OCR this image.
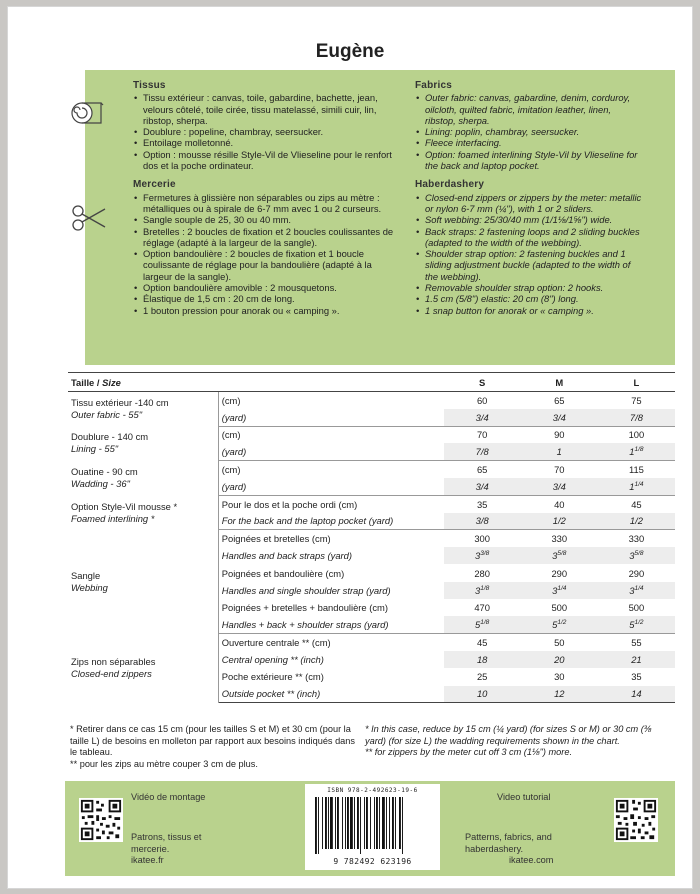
Eugène
Tissus
• Tissu extérieur : canvas, toile, gabardine, bachette, jean, velours côtelé, toile cirée, tissu matelassé, simili cuir, lin, ribstop, sherpa.
• Doublure : popeline, chambray, seersucker.
• Entoilage molletonné.
• Option : mousse résille Style-Vil de Vlieseline pour le renfort dos et la poche ordinateur.
Mercerie
• Fermetures à glissière non séparables ou zips au mètre : métalliques ou à spirale de 6-7 mm avec 1 ou 2 curseurs.
• Sangle souple de 25, 30 ou 40 mm.
• Bretelles : 2 boucles de fixation et 2 boucles coulissantes de réglage (adapté à la largeur de la sangle).
• Option bandoulière : 2 boucles de fixation et 1 boucle coulissante de réglage pour la bandoulière (adapté à la largeur de la sangle).
• Option bandoulière amovible : 2 mousquetons.
• Élastique de 1,5 cm : 20 cm de long.
• 1 bouton pression pour anorak ou « camping ».
Fabrics
• Outer fabric: canvas, gabardine, denim, corduroy, oilcloth, quilted fabric, imitation leather, linen, ribstop, sherpa.
• Lining: poplin, chambray, seersucker.
• Fleece interfacing.
• Option: foamed interlining Style-Vil by Vlieseline for the back and laptop pocket.
Haberdashery
• Closed-end zippers or zippers by the meter: metallic or nylon 6-7 mm (¼"), with 1 or 2 sliders.
• Soft webbing: 25/30/40 mm (1/1⅛/1⅝") wide.
• Back straps: 2 fastening loops and 2 sliding buckles (adapted to the width of the webbing).
• Shoulder strap option: 2 fastening buckles and 1 sliding adjustment buckle (adapted to the width of the webbing).
• Removable shoulder strap option: 2 hooks.
• 1.5 cm (5/8") elastic: 20 cm (8") long.
• 1 snap button for anorak or « camping ».
Taille / Size		S	M	L
Tissu extérieur -140 cm
Outer fabric - 55"	(cm)	60	65	75
	(yard)	3/4	3/4	7/8
Doublure - 140 cm
Lining - 55"	(cm)	70	90	100
	(yard)	7/8	1	$1^{1/8}$
Ouatine - 90 cm
Wadding - 36"	(cm)	65	70	115
	(yard)	3/4	3/4	$1^{1/4}$
Option Style-Vil mousse *
Foamed interlining *	Pour le dos et la poche ordi (cm)	35	40	45
	For the back and the laptop pocket (yard)	3/8	1/2	1/2
Sangle
Webbing	Poignées et bretelles (cm)	300	330	330
	Handles and back straps (yard)	$3^{3/8}$	$3^{5/8}$	$3^{5/8}$
	Poignées et bandoulière (cm)	280	290	290
	Handles and single shoulder strap (yard)	$3^{1/8}$	$3^{1/4}$	$3^{1/4}$
	Poignées + bretelles + bandoulière (cm)	470	500	500
	Handles + back + shoulder straps (yard)	$5^{1/8}$	$5^{1/2}$	$5^{1/2}$
Zips non séparables
Closed-end zippers	Ouverture centrale ** (cm)	45	50	55
	Central opening ** (inch)	18	20	21
	Poche extérieure ** (cm)	25	30	35
	Outside pocket ** (inch)	10	12	14
* Retirer dans ce cas 15 cm (pour les tailles S et M) et 30 cm (pour la taille L) de besoins en molleton par rapport aux besoins indiqués dans le tableau.
** pour les zips au mètre couper 3 cm de plus.
* In this case, reduce by 15 cm (¼ yard) (for sizes S or M) or 30 cm (⅜ yard) (for size L) the wadding requirements shown in the chart.
** for zippers by the meter cut off 3 cm (1⅛") more.
Vidéo de montage
Patrons, tissus et mercerie.
ikatee.fr
ISBN 978-2-492623-19-6
9 782492 623196
Video tutorial
Patterns, fabrics, and haberdashery.
ikatee.com
